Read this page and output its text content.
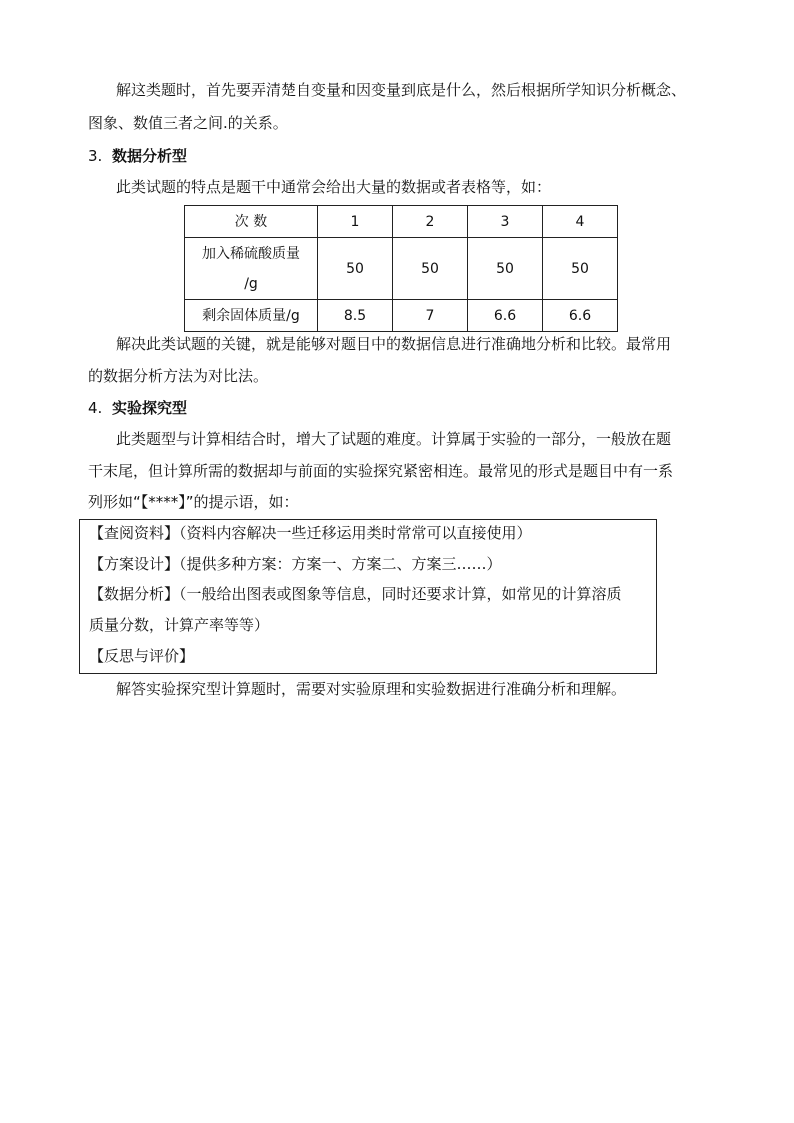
解这类题时，首先要弄清楚自变量和因变量到底是什么，然后根据所学知识分析概念、
图象、数值三者之间.的关系。
3. 数据分析型
此类试题的特点是题干中通常会给出大量的数据或者表格等，如：
次 数	1	2	3	4

加入稀硫酸质量
/g	50	50	50	50
剩余固体质量/g	8.5	7	6.6	6.6
解决此类试题的关键，就是能够对题目中的数据信息进行准确地分析和比较。最常用
的数据分析方法为对比法。
4. 实验探究型
此类题型与计算相结合时，增大了试题的难度。计算属于实验的一部分，一般放在题
干末尾，但计算所需的数据却与前面的实验探究紧密相连。最常见的形式是题目中有一系
列形如“【****】”的提示语，如：
【查阅资料】（资料内容解决一些迁移运用类时常常可以直接使用）
【方案设计】（提供多种方案：方案一、方案二、方案三……）
【数据分析】（一般给出图表或图象等信息，同时还要求计算，如常见的计算溶质
质量分数，计算产率等等）
【反思与评价】
解答实验探究型计算题时，需要对实验原理和实验数据进行准确分析和理解。
